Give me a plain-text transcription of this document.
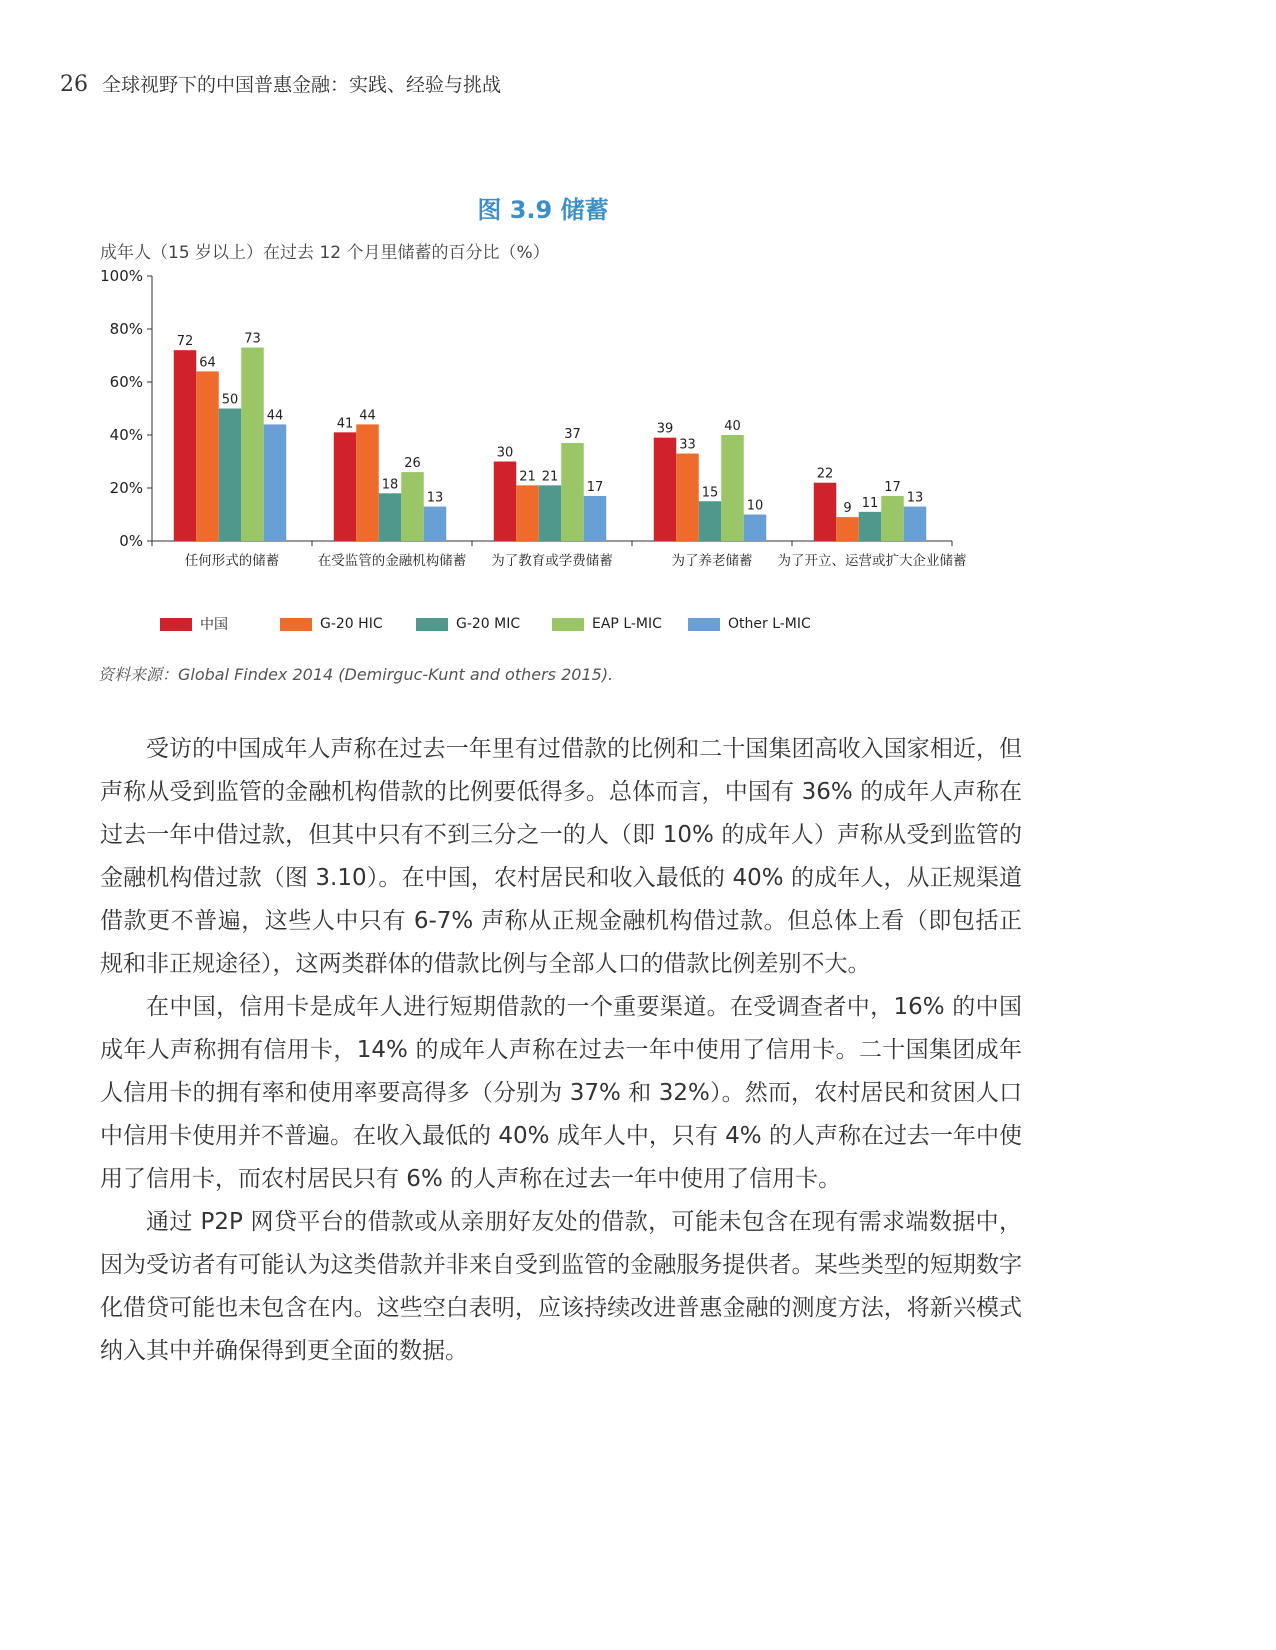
26 全球视野下的中国普惠金融：实践、经验与挑战
图 3.9 储蓄
成年人（15 岁以上）在过去 12 个月里储蓄的百分比（%）
0%
20%
40%
60%
80%
100%
72
64
50
73
44
任何形式的储蓄
41
44
18
26
13
在受监管的金融机构储蓄
30
21 21
37
17
为了教育或学费储蓄
39
33
15
40
10
为了养老储蓄
22
9 11
17
13
为了开立、运营或扩大企业储蓄
中国	G-20 HIC	G-20 MIC	EAP L-MIC	Other L-MIC
资料来源：Global Findex 2014 (Demirguc-Kunt and others 2015).

受访的中国成年人声称在过去一年里有过借款的比例和二十国集团高收入国家相近，但声称从受到监管的金融机构借款的比例要低得多。总体而言，中国有 36% 的成年人声称在过去一年中借过款，但其中只有不到三分之一的人（即 10% 的成年人）声称从受到监管的金融机构借过款（图 3.10）。在中国，农村居民和收入最低的 40% 的成年人，从正规渠道借款更不普遍，这些人中只有 6-7% 声称从正规金融机构借过款。但总体上看（即包括正规和非正规途径），这两类群体的借款比例与全部人口的借款比例差别不大。

在中国，信用卡是成年人进行短期借款的一个重要渠道。在受调查者中，16% 的中国成年人声称拥有信用卡，14% 的成年人声称在过去一年中使用了信用卡。二十国集团成年人信用卡的拥有率和使用率要高得多（分别为 37% 和 32%）。然而，农村居民和贫困人口中信用卡使用并不普遍。在收入最低的 40% 成年人中，只有 4% 的人声称在过去一年中使用了信用卡，而农村居民只有 6% 的人声称在过去一年中使用了信用卡。

通过 P2P 网贷平台的借款或从亲朋好友处的借款，可能未包含在现有需求端数据中，因为受访者有可能认为这类借款并非来自受到监管的金融服务提供者。某些类型的短期数字化借贷可能也未包含在内。这些空白表明，应该持续改进普惠金融的测度方法，将新兴模式纳入其中并确保得到更全面的数据。
